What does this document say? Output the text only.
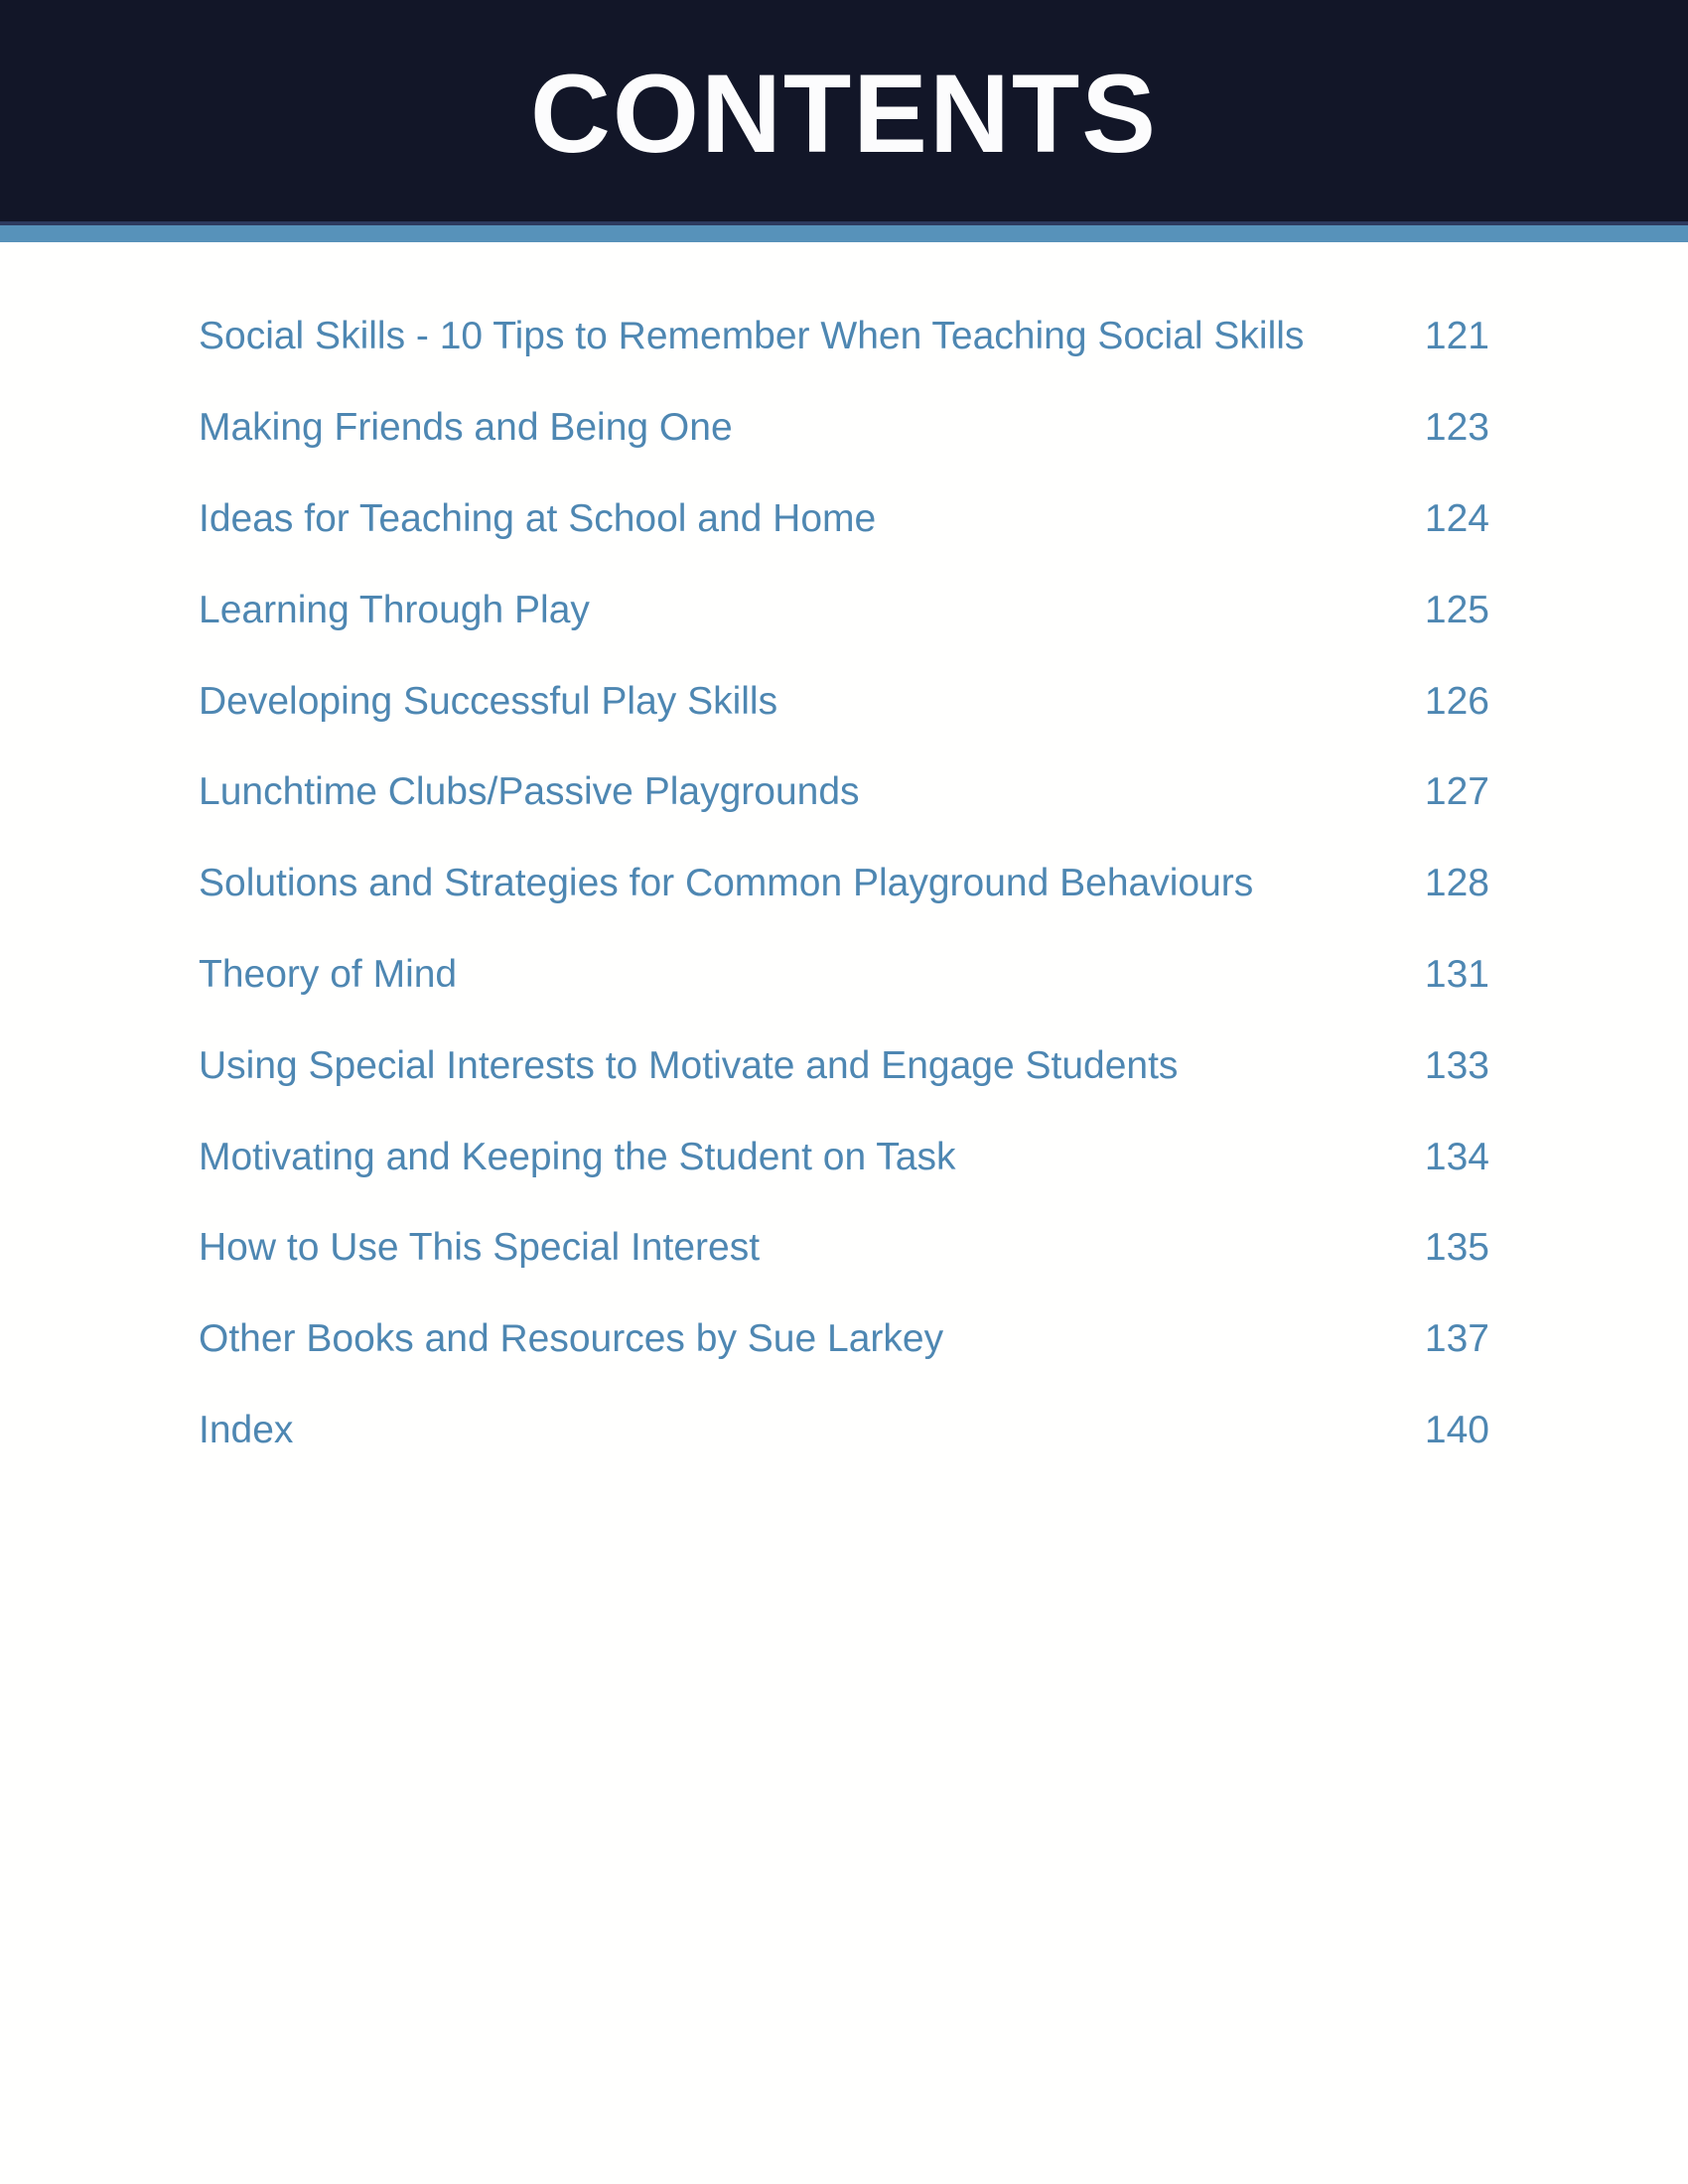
CONTENTS
Social Skills - 10 Tips to Remember When Teaching Social Skills	121
Making Friends and Being One	123
Ideas for Teaching at School and Home	124
Learning Through Play	125
Developing Successful Play Skills	126
Lunchtime Clubs/Passive Playgrounds	127
Solutions and Strategies for Common Playground Behaviours	128
Theory of Mind	131
Using Special Interests to Motivate and Engage Students	133
Motivating and Keeping the Student on Task	134
How to Use This Special Interest	135
Other Books and Resources by Sue Larkey	137
Index	140
